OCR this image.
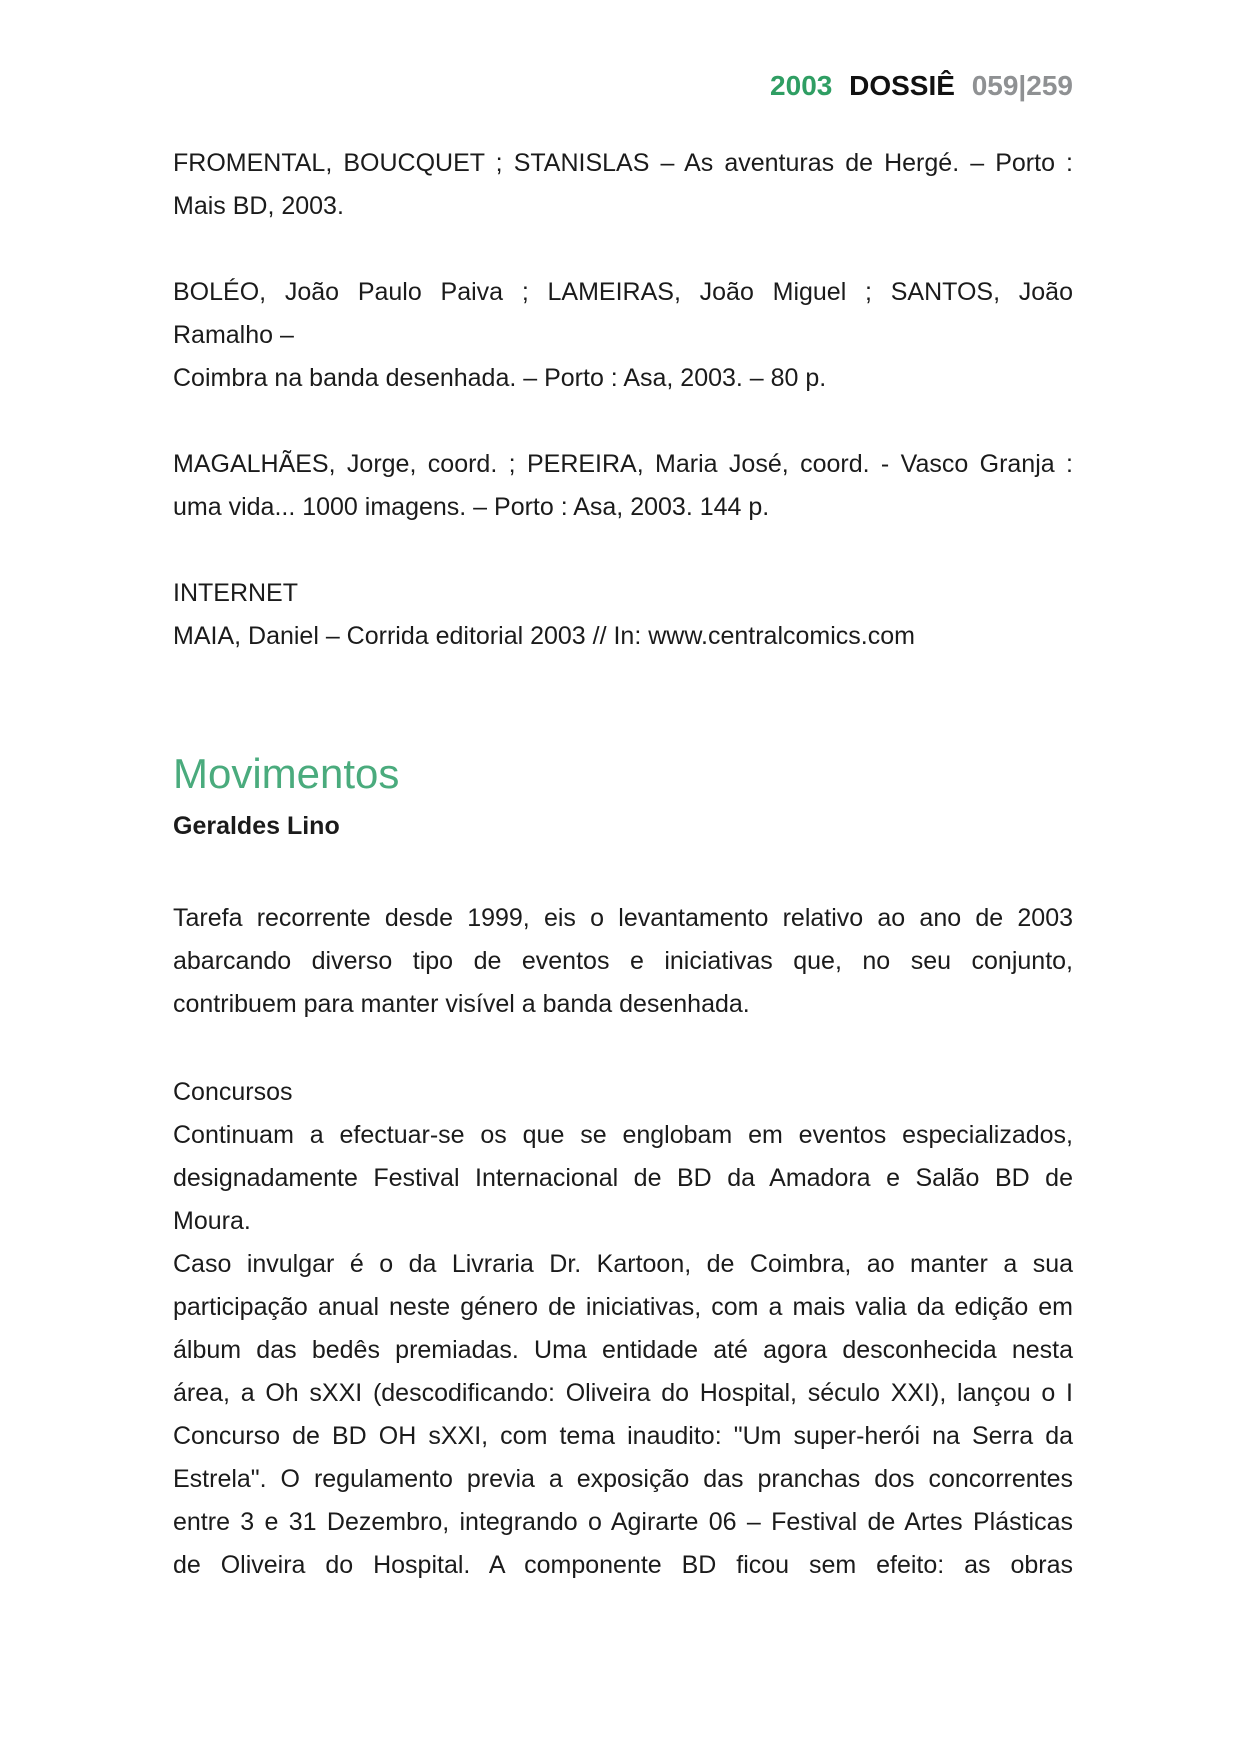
2003 DOSSIÊ 059|259
FROMENTAL, BOUCQUET ; STANISLAS – As aventuras de Hergé. – Porto :
Mais BD, 2003.
BOLÉO, João Paulo Paiva ; LAMEIRAS, João Miguel ; SANTOS, João
Ramalho –
Coimbra na banda desenhada. – Porto : Asa, 2003. – 80 p.
MAGALHÃES, Jorge, coord. ; PEREIRA, Maria José, coord. - Vasco Granja :
uma vida... 1000 imagens. – Porto : Asa, 2003. 144 p.
INTERNET
MAIA, Daniel – Corrida editorial 2003 // In: www.centralcomics.com
Movimentos
Geraldes Lino
Tarefa recorrente desde 1999, eis o levantamento relativo ao ano de 2003
abarcando diverso tipo de eventos e iniciativas que, no seu conjunto,
contribuem para manter visível a banda desenhada.
Concursos
Continuam a efectuar-se os que se englobam em eventos especializados,
designadamente Festival Internacional de BD da Amadora e Salão BD de
Moura.
Caso invulgar é o da Livraria Dr. Kartoon, de Coimbra, ao manter a sua
participação anual neste género de iniciativas, com a mais valia da edição em
álbum das bedês premiadas. Uma entidade até agora desconhecida nesta
área, a Oh sXXI (descodificando: Oliveira do Hospital, século XXI), lançou o I
Concurso de BD OH sXXI, com tema inaudito: "Um super-herói na Serra da
Estrela". O regulamento previa a exposição das pranchas dos concorrentes
entre 3 e 31 Dezembro, integrando o Agirarte 06 – Festival de Artes Plásticas
de Oliveira do Hospital. A componente BD ficou sem efeito: as obras
